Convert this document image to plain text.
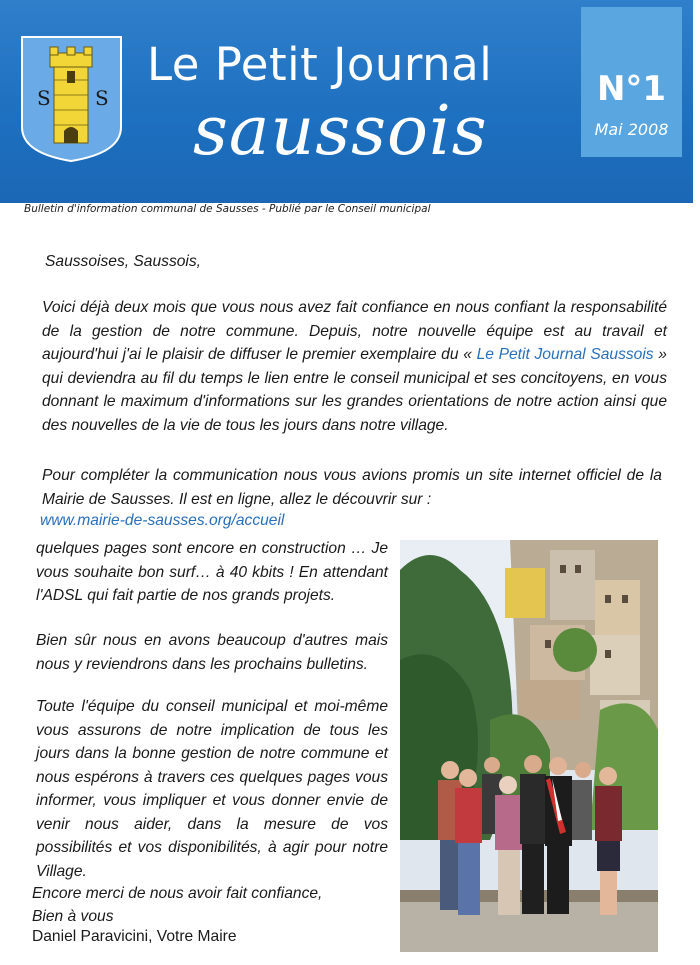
S S
Le Petit Journal
saussois
N°1
Mai 2008
Bulletin d'information communal de Sausses - Publié par le Conseil municipal
Saussoises, Saussois,
Voici déjà deux mois que vous nous avez fait confiance en nous confiant la responsabilité de la gestion de notre commune. Depuis, notre nouvelle équipe est au travail et aujourd'hui j'ai le plaisir de diffuser le premier exemplaire du « Le Petit Journal Saussois » qui deviendra au fil du temps le lien entre le conseil municipal et ses concitoyens, en vous donnant le maximum d'informations sur les grandes orientations de notre action ainsi que des nouvelles de la vie de tous les jours dans notre village.
Pour compléter la communication nous vous avions promis un site internet officiel de la Mairie de Sausses. Il est en ligne, allez le découvrir sur :
www.mairie-de-sausses.org/accueil
quelques pages sont encore en construction … Je vous souhaite bon surf… à 40 kbits ! En attendant l'ADSL qui fait partie de nos grands projets.
Bien sûr nous en avons beaucoup d'autres mais nous y reviendrons dans les prochains bulletins.
Toute l'équipe du conseil municipal et moi-même vous assurons de notre implication de tous les jours dans la bonne gestion de notre commune et nous espérons à travers ces quelques pages vous informer, vous impliquer et vous donner envie de venir nous aider, dans la mesure de vos possibilités et vos disponibilités, à agir pour notre Village.
Encore merci de nous avoir fait confiance,
Bien à vous
Daniel Paravicini, Votre Maire
